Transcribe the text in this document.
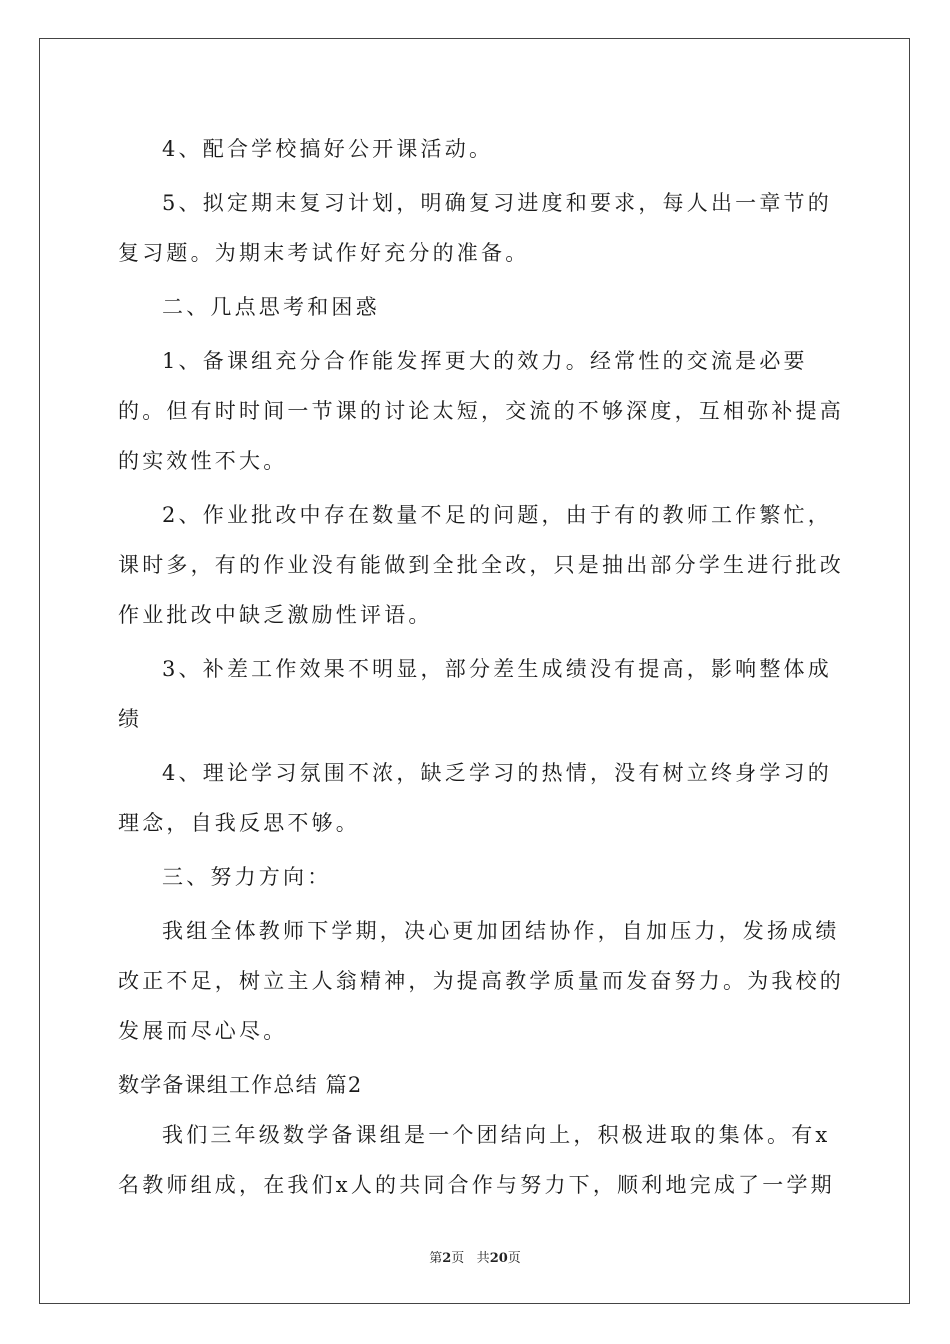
4、配合学校搞好公开课活动。

5、拟定期末复习计划，明确复习进度和要求，每人出一章节的复习题。为期末考试作好充分的准备。

二、几点思考和困惑

1、备课组充分合作能发挥更大的效力。经常性的交流是必要的。但有时时间一节课的讨论太短，交流的不够深度，互相弥补提高的实效性不大。

2、作业批改中存在数量不足的问题，由于有的教师工作繁忙，课时多，有的作业没有能做到全批全改，只是抽出部分学生进行批改作业批改中缺乏激励性评语。

3、补差工作效果不明显，部分差生成绩没有提高，影响整体成绩

4、理论学习氛围不浓，缺乏学习的热情，没有树立终身学习的理念，自我反思不够。

三、努力方向：

我组全体教师下学期，决心更加团结协作，自加压力，发扬成绩改正不足，树立主人翁精神，为提高教学质量而发奋努力。为我校的发展而尽心尽。

数学备课组工作总结 篇2

我们三年级数学备课组是一个团结向上，积极进取的集体。有x名教师组成，在我们x人的共同合作与努力下，顺利地完成了一学期

第2页 共20页
